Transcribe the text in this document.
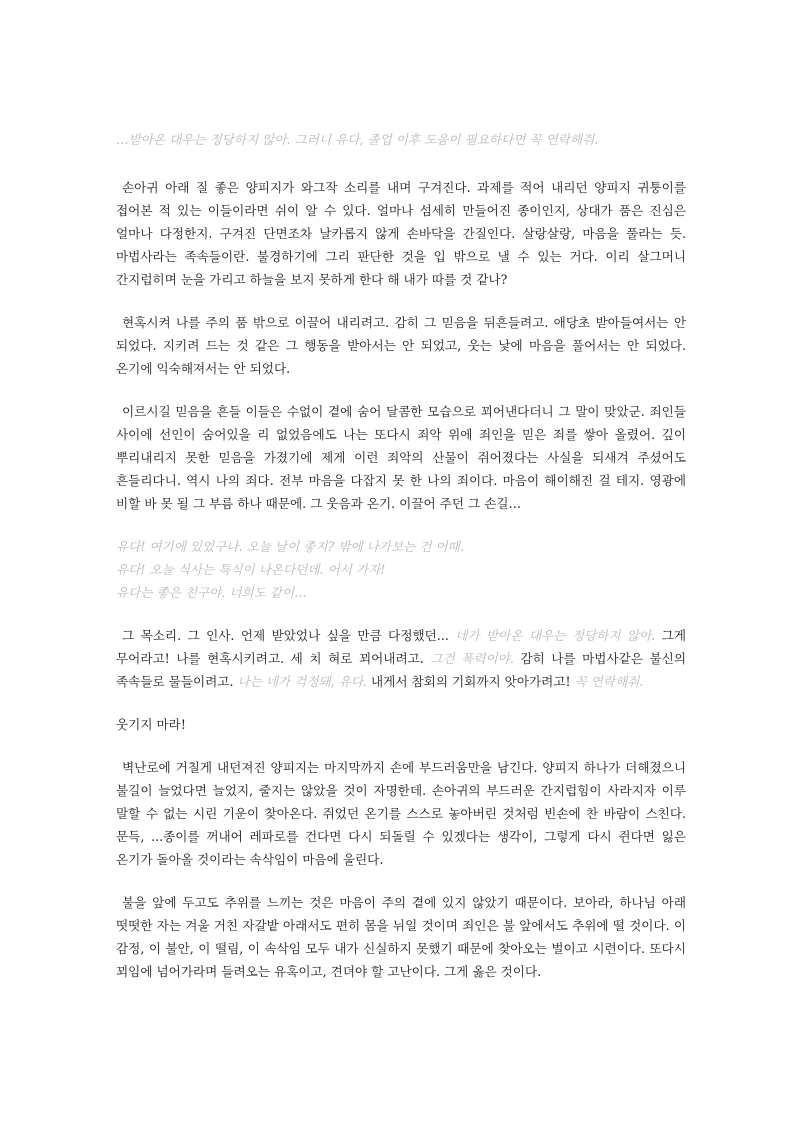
…받아온 대우는 정당하지 않아. 그러니 유다, 졸업 이후 도움이 필요하다면 꼭 연락해줘.

손아귀 아래 질 좋은 양피지가 와그작 소리를 내며 구겨진다. 과제를 적어 내리던 양피지 귀퉁이를 접어본 적 있는 이들이라면 쉬이 알 수 있다. 얼마나 섬세히 만들어진 종이인지, 상대가 품은 진심은 얼마나 다정한지. 구겨진 단면조차 날카롭지 않게 손바닥을 간질인다. 살랑살랑, 마음을 풀라는 듯. 마법사라는 족속들이란. 불경하기에 그리 판단한 것을 입 밖으로 낼 수 있는 거다. 이리 살그머니 간지럽히며 눈을 가리고 하늘을 보지 못하게 한다 해 내가 따를 것 같나?

현혹시켜 나를 주의 품 밖으로 이끌어 내리려고. 감히 그 믿음을 뒤흔들려고. 애당초 받아들여서는 안 되었다. 지키려 드는 것 같은 그 행동을 받아서는 안 되었고, 웃는 낯에 마음을 풀어서는 안 되었다. 온기에 익숙해져서는 안 되었다.

이르시길 믿음을 흔들 이들은 수없이 곁에 숨어 달콤한 모습으로 꾀어낸다더니 그 말이 맞았군. 죄인들 사이에 선인이 숨어있을 리 없었음에도 나는 또다시 죄악 위에 죄인을 믿은 죄를 쌓아 올렸어. 깊이 뿌리내리지 못한 믿음을 가졌기에 제게 이런 죄악의 산물이 쥐어졌다는 사실을 되새겨 주셨어도 흔들리다니. 역시 나의 죄다. 전부 마음을 다잡지 못 한 나의 죄이다. 마음이 해이해진 걸 테지. 영광에 비할 바 못 될 그 부름 하나 때문에. 그 웃음과 온기. 이끌어 주던 그 손길…

유다! 여기에 있었구나. 오늘 날이 좋지? 밖에 나가보는 건 어때.
유다! 오늘 식사는 특식이 나온다던데. 어서 가자!
유다는 좋은 친구야. 너희도 같이…

그 목소리. 그 인사. 언제 받았었나 싶을 만큼 다정했던... 네가 받아온 대우는 정당하지 않아. 그게 무어라고! 나를 현혹시키려고. 세 치 혀로 꾀어내려고. 그건 폭력이야. 감히 나를 마법사같은 불신의 족속들로 물들이려고. 나는 네가 걱정돼, 유다. 내게서 참회의 기회까지 앗아가려고! 꼭 연락해줘.

웃기지 마라!

벽난로에 거칠게 내던져진 양피지는 마지막까지 손에 부드러움만을 남긴다. 양피지 하나가 더해졌으니 불길이 늘었다면 늘었지, 줄지는 않았을 것이 자명한데. 손아귀의 부드러운 간지럽힘이 사라지자 이루 말할 수 없는 시린 기운이 찾아온다. 쥐었던 온기를 스스로 놓아버린 것처럼 빈손에 찬 바람이 스친다. 문득, ...종이를 꺼내어 레파로를 건다면 다시 되돌릴 수 있겠다는 생각이, 그렇게 다시 쥔다면 잃은 온기가 돌아올 것이라는 속삭임이 마음에 울린다.

불을 앞에 두고도 추위를 느끼는 것은 마음이 주의 곁에 있지 않았기 때문이다. 보아라, 하나님 아래 떳떳한 자는 겨울 거친 자갈밭 아래서도 편히 몸을 뉘일 것이며 죄인은 불 앞에서도 추위에 떨 것이다. 이 감정, 이 불안, 이 떨림, 이 속삭임 모두 내가 신실하지 못했기 때문에 찾아오는 벌이고 시련이다. 또다시 꾀임에 넘어가라며 들려오는 유혹이고, 견뎌야 할 고난이다. 그게 옳은 것이다.
